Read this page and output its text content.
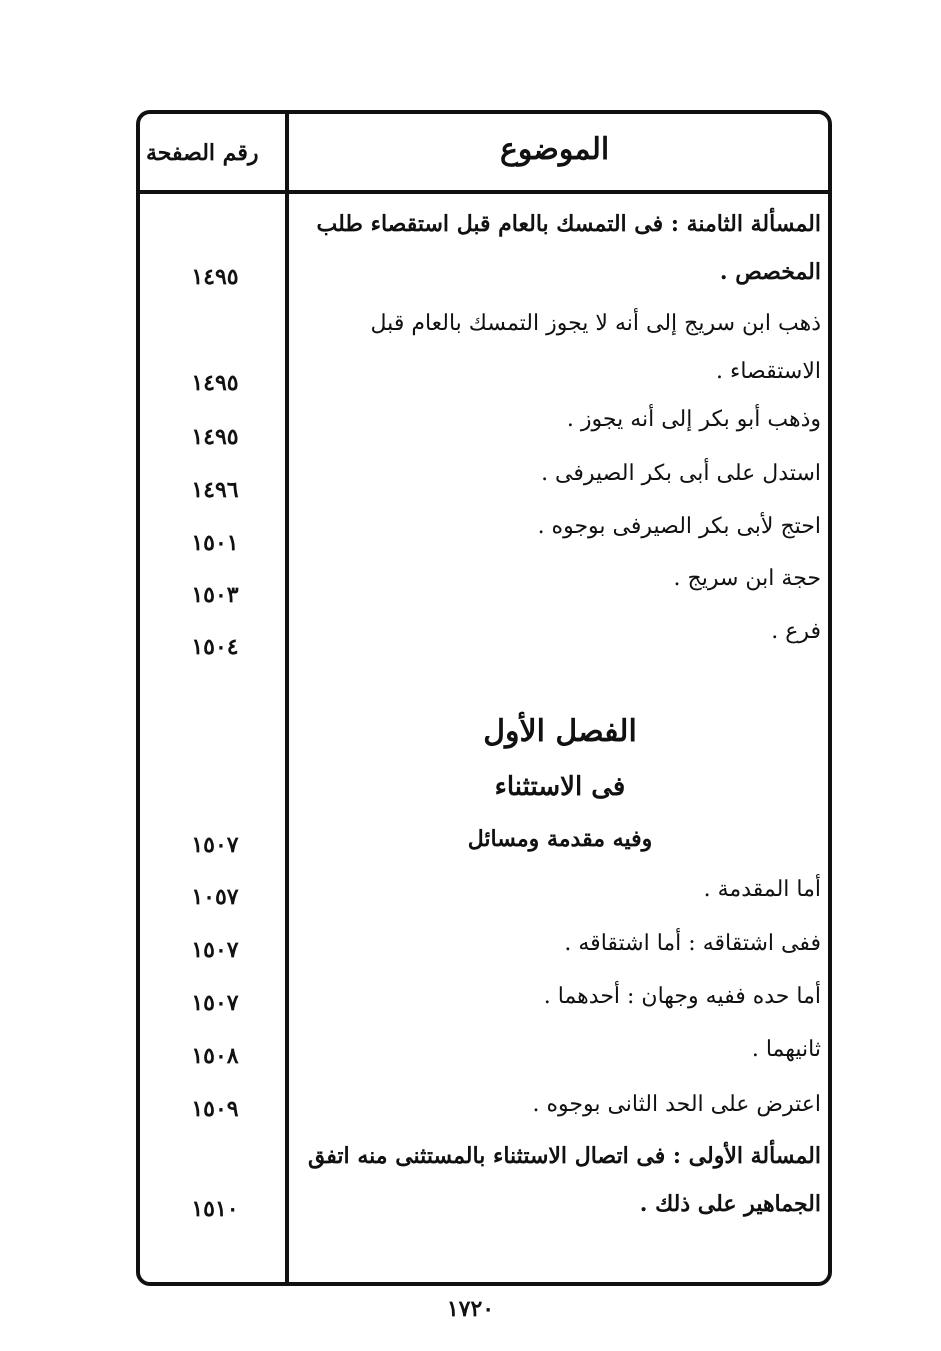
رقم الصفحة	الموضوع
المسألة الثامنة : فى التمسك بالعام قبل استقصاء طلب المخصص .
١٤٩٥
ذهب ابن سريج إلى أنه لا يجوز التمسك بالعام قبل الاستقصاء .
١٤٩٥
وذهب أبو بكر إلى أنه يجوز .
١٤٩٥
استدل على أبى بكر الصيرفى .
١٤٩٦
احتج لأبى بكر الصيرفى بوجوه .
١٥٠١
حجة ابن سريج .
١٥٠٣
فرع .
١٥٠٤
الفصل الأول
فى الاستثناء
وفيه مقدمة ومسائل
١٥٠٧
أما المقدمة .
١٠٥٧
ففى اشتقاقه : أما اشتقاقه .
١٥٠٧
أما حده ففيه وجهان : أحدهما .
١٥٠٧
ثانيهما .
١٥٠٨
اعترض على الحد الثانى بوجوه .
١٥٠٩
المسألة الأولى : فى اتصال الاستثناء بالمستثنى منه اتفق الجماهير على ذلك .
١٥١٠
١٧٢٠
